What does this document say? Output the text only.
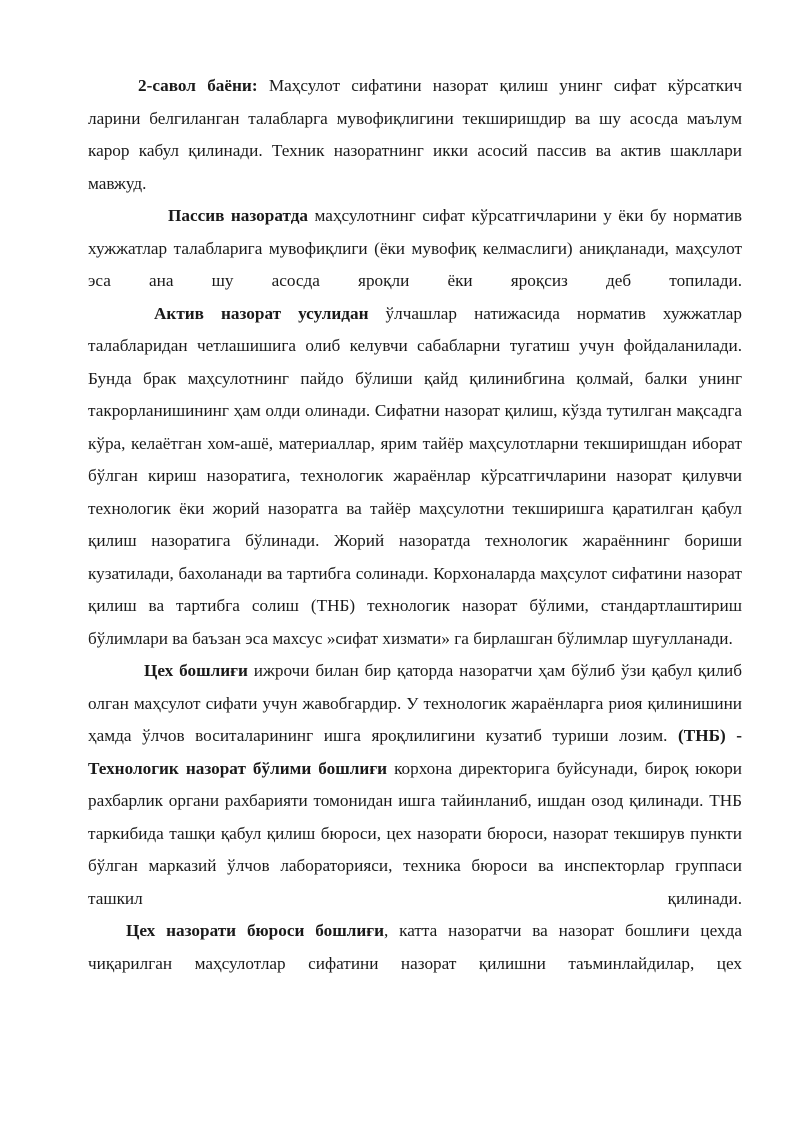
2-савол баёни: Маҳсулот сифатини назорат қилиш унинг сифат кўрсаткич ларини белгиланган талабларга мувофиқлигини текширишдир ва шу асосда маълум карор кабул қилинади. Техник назоратнинг икки асосий пассив ва актив шакллари мавжуд.

Пассив назоратда маҳсулотнинг сифат кўрсатгичларини у ёки бу норматив хужжатлар талабларига мувофиқлиги (ёки мувофиқ келмаслиги) аниқланади, маҳсулот эса ана шу асосда яроқли ёки яроқсиз деб топилади.

Актив назорат усулидан ўлчашлар натижасида норматив хужжатлар талабларидан четлашишига олиб келувчи сабабларни тугатиш учун фойдаланилади. Бунда брак маҳсулотнинг пайдо бўлиши қайд қилинибгина қолмай, балки унинг такрорланишининг ҳам олди олинади. Сифатни назорат қилиш, кўзда тутилган мақсадга кўра, келаётган хом-ашё, материаллар, ярим тайёр маҳсулотларни текширишдан иборат бўлган кириш назоратига, технологик жараёнлар кўрсатгичларини назорат қилувчи технологик ёки жорий назоратга ва тайёр маҳсулотни текширишга қаратилган қабул қилиш назоратига бўлинади. Жорий назоратда технологик жараённинг бориши кузатилади, бахоланади ва тартибга солинади. Корхоналарда маҳсулот сифатини назорат қилиш ва тартибга солиш (ТНБ) технологик назорат бўлими, стандартлаштириш бўлимлари ва баъзан эса махсус »сифат хизмати» га бирлашган бўлимлар шуғулланади.

Цех бошлиғи ижрочи билан бир қаторда назоратчи ҳам бўлиб ўзи қабул қилиб олган маҳсулот сифати учун жавобгардир. У технологик жараёнларга риоя қилинишини ҳамда ўлчов воситаларининг ишга яроқлилигини кузатиб туриши лозим. (ТНБ) - Технологик назорат бўлими бошлиғи корхона директорига буйсунади, бироқ юкори рахбарлик органи рахбарияти томонидан ишга тайинланиб, ишдан озод қилинади. ТНБ таркибида ташқи қабул қилиш бюроси, цех назорати бюроси, назорат текширув пункти бўлган марказий ўлчов лабораторияси, техника бюроси ва инспекторлар группаси ташкил қилинади.

Цех назорати бюроси бошлиғи, катта назоратчи ва назорат бошлиғи цехда чиқарилган маҳсулотлар сифатини назорат қилишни таъминлайдилар, цех
